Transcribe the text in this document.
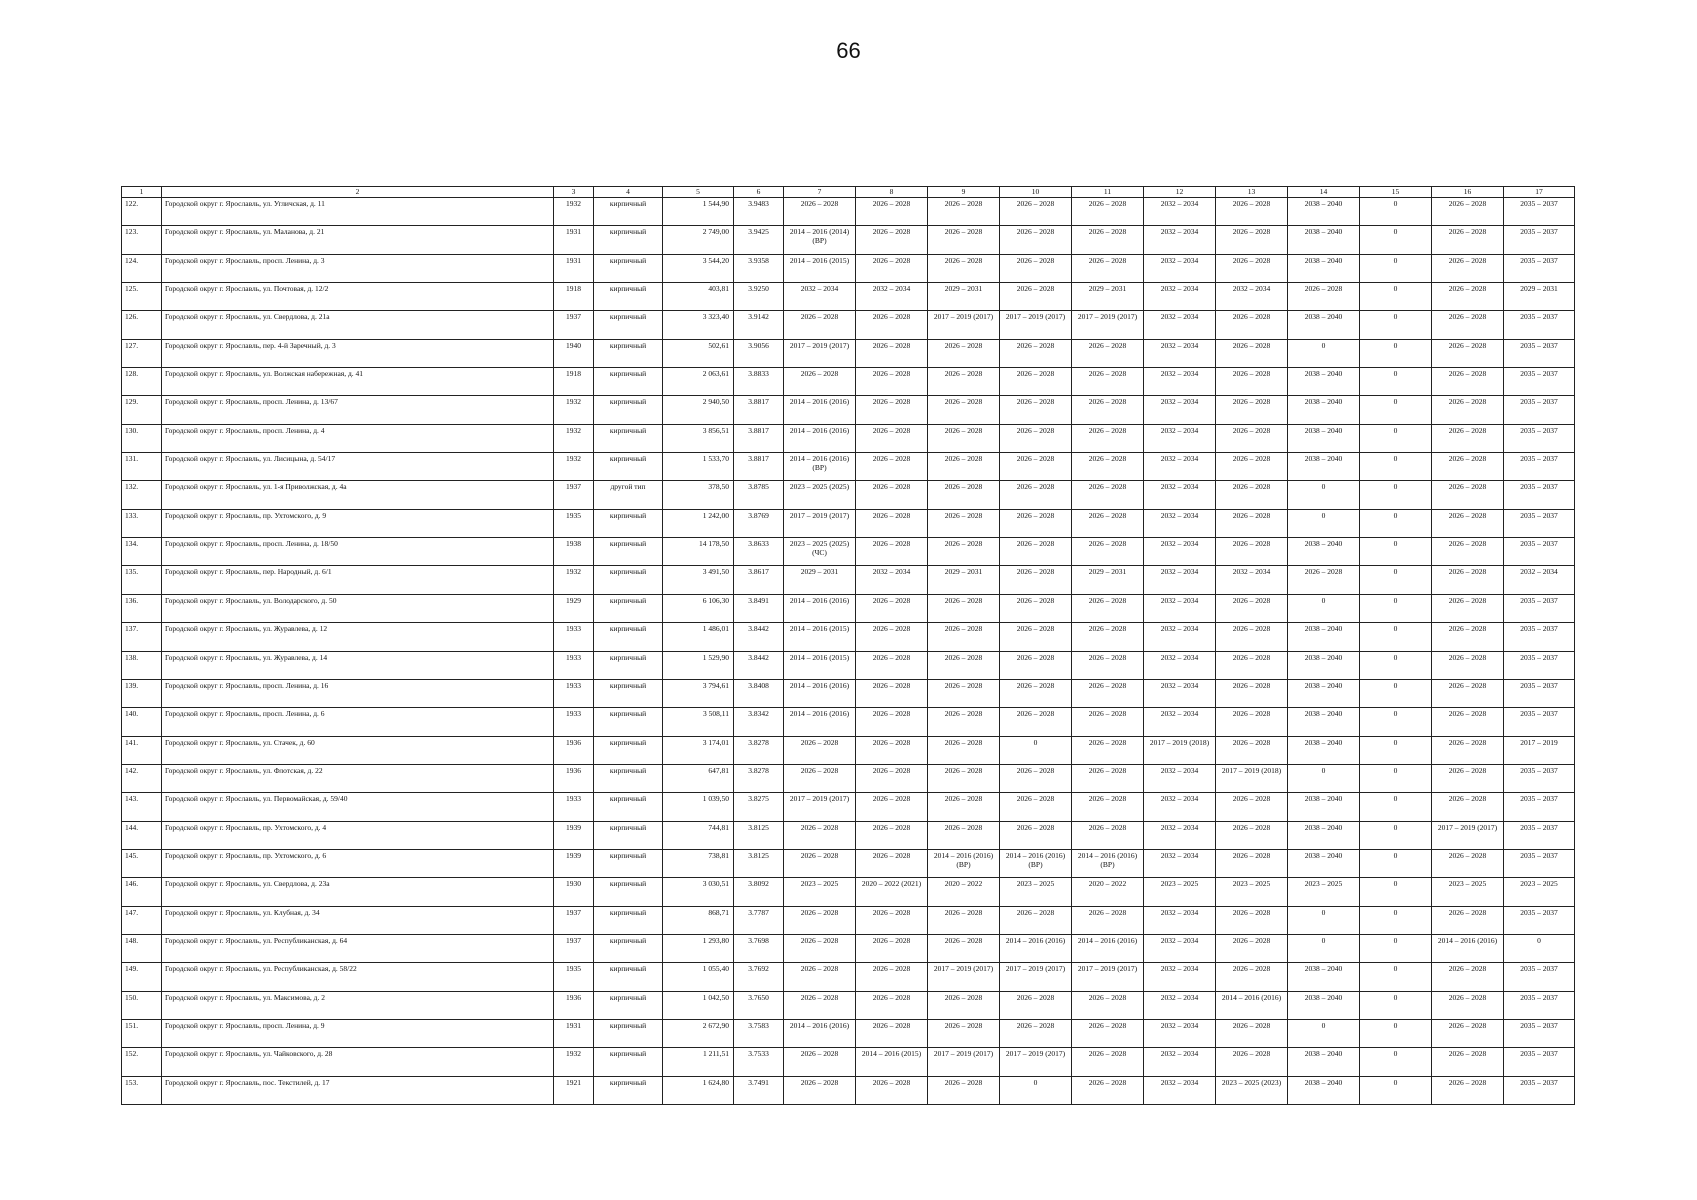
66
1	2	3	4	5	6	7	8	9	10	11	12	13	14	15	16	17
122.	Городской округ г. Ярославль, ул. Угличская, д. 11	1932	кирпичный	1 544,90	3.9483	2026 – 2028	2026 – 2028	2026 – 2028	2026 – 2028	2026 – 2028	2032 – 2034	2026 – 2028	2038 – 2040	0	2026 – 2028	2035 – 2037
123.	Городской округ г. Ярославль, ул. Маланова, д. 21	1931	кирпичный	2 749,00	3.9425	2014 – 2016 (2014) (ВР)	2026 – 2028	2026 – 2028	2026 – 2028	2026 – 2028	2032 – 2034	2026 – 2028	2038 – 2040	0	2026 – 2028	2035 – 2037
124.	Городской округ г. Ярославль, просп. Ленина, д. 3	1931	кирпичный	3 544,20	3.9358	2014 – 2016 (2015)	2026 – 2028	2026 – 2028	2026 – 2028	2026 – 2028	2032 – 2034	2026 – 2028	2038 – 2040	0	2026 – 2028	2035 – 2037
125.	Городской округ г. Ярославль, ул. Почтовая, д. 12/2	1918	кирпичный	403,81	3.9250	2032 – 2034	2032 – 2034	2029 – 2031	2026 – 2028	2029 – 2031	2032 – 2034	2032 – 2034	2026 – 2028	0	2026 – 2028	2029 – 2031
126.	Городской округ г. Ярославль, ул. Свердлова, д. 21а	1937	кирпичный	3 323,40	3.9142	2026 – 2028	2026 – 2028	2017 – 2019 (2017)	2017 – 2019 (2017)	2017 – 2019 (2017)	2032 – 2034	2026 – 2028	2038 – 2040	0	2026 – 2028	2035 – 2037
127.	Городской округ г. Ярославль, пер. 4-й Заречный, д. 3	1940	кирпичный	502,61	3.9056	2017 – 2019 (2017)	2026 – 2028	2026 – 2028	2026 – 2028	2026 – 2028	2032 – 2034	2026 – 2028	0	0	2026 – 2028	2035 – 2037
128.	Городской округ г. Ярославль, ул. Волжская набережная, д. 41	1918	кирпичный	2 063,61	3.8833	2026 – 2028	2026 – 2028	2026 – 2028	2026 – 2028	2026 – 2028	2032 – 2034	2026 – 2028	2038 – 2040	0	2026 – 2028	2035 – 2037
129.	Городской округ г. Ярославль, просп. Ленина, д. 13/67	1932	кирпичный	2 940,50	3.8817	2014 – 2016 (2016)	2026 – 2028	2026 – 2028	2026 – 2028	2026 – 2028	2032 – 2034	2026 – 2028	2038 – 2040	0	2026 – 2028	2035 – 2037
130.	Городской округ г. Ярославль, просп. Ленина, д. 4	1932	кирпичный	3 856,51	3.8817	2014 – 2016 (2016)	2026 – 2028	2026 – 2028	2026 – 2028	2026 – 2028	2032 – 2034	2026 – 2028	2038 – 2040	0	2026 – 2028	2035 – 2037
131.	Городской округ г. Ярославль, ул. Лисицына, д. 54/17	1932	кирпичный	1 533,70	3.8817	2014 – 2016 (2016) (ВР)	2026 – 2028	2026 – 2028	2026 – 2028	2026 – 2028	2032 – 2034	2026 – 2028	2038 – 2040	0	2026 – 2028	2035 – 2037
132.	Городской округ г. Ярославль, ул. 1-я Приволжская, д. 4а	1937	другой тип	378,50	3.8785	2023 – 2025 (2025)	2026 – 2028	2026 – 2028	2026 – 2028	2026 – 2028	2032 – 2034	2026 – 2028	0	0	2026 – 2028	2035 – 2037
133.	Городской округ г. Ярославль, пр. Ухтомского, д. 9	1935	кирпичный	1 242,00	3.8769	2017 – 2019 (2017)	2026 – 2028	2026 – 2028	2026 – 2028	2026 – 2028	2032 – 2034	2026 – 2028	0	0	2026 – 2028	2035 – 2037
134.	Городской округ г. Ярославль, просп. Ленина, д. 18/50	1938	кирпичный	14 178,50	3.8633	2023 – 2025 (2025) (ЧС)	2026 – 2028	2026 – 2028	2026 – 2028	2026 – 2028	2032 – 2034	2026 – 2028	2038 – 2040	0	2026 – 2028	2035 – 2037
135.	Городской округ г. Ярославль, пер. Народный, д. 6/1	1932	кирпичный	3 491,50	3.8617	2029 – 2031	2032 – 2034	2029 – 2031	2026 – 2028	2029 – 2031	2032 – 2034	2032 – 2034	2026 – 2028	0	2026 – 2028	2032 – 2034
136.	Городской округ г. Ярославль, ул. Володарского, д. 50	1929	кирпичный	6 106,30	3.8491	2014 – 2016 (2016)	2026 – 2028	2026 – 2028	2026 – 2028	2026 – 2028	2032 – 2034	2026 – 2028	0	0	2026 – 2028	2035 – 2037
137.	Городской округ г. Ярославль, ул. Журавлева, д. 12	1933	кирпичный	1 486,01	3.8442	2014 – 2016 (2015)	2026 – 2028	2026 – 2028	2026 – 2028	2026 – 2028	2032 – 2034	2026 – 2028	2038 – 2040	0	2026 – 2028	2035 – 2037
138.	Городской округ г. Ярославль, ул. Журавлева, д. 14	1933	кирпичный	1 529,90	3.8442	2014 – 2016 (2015)	2026 – 2028	2026 – 2028	2026 – 2028	2026 – 2028	2032 – 2034	2026 – 2028	2038 – 2040	0	2026 – 2028	2035 – 2037
139.	Городской округ г. Ярославль, просп. Ленина, д. 16	1933	кирпичный	3 794,61	3.8408	2014 – 2016 (2016)	2026 – 2028	2026 – 2028	2026 – 2028	2026 – 2028	2032 – 2034	2026 – 2028	2038 – 2040	0	2026 – 2028	2035 – 2037
140.	Городской округ г. Ярославль, просп. Ленина, д. 6	1933	кирпичный	3 508,11	3.8342	2014 – 2016 (2016)	2026 – 2028	2026 – 2028	2026 – 2028	2026 – 2028	2032 – 2034	2026 – 2028	2038 – 2040	0	2026 – 2028	2035 – 2037
141.	Городской округ г. Ярославль, ул. Стачек, д. 60	1936	кирпичный	3 174,01	3.8278	2026 – 2028	2026 – 2028	2026 – 2028	0	2026 – 2028	2017 – 2019 (2018)	2026 – 2028	2038 – 2040	0	2026 – 2028	2017 – 2019
142.	Городской округ г. Ярославль, ул. Флотская, д. 22	1936	кирпичный	647,81	3.8278	2026 – 2028	2026 – 2028	2026 – 2028	2026 – 2028	2026 – 2028	2032 – 2034	2017 – 2019 (2018)	0	0	2026 – 2028	2035 – 2037
143.	Городской округ г. Ярославль, ул. Первомайская, д. 59/40	1933	кирпичный	1 039,50	3.8275	2017 – 2019 (2017)	2026 – 2028	2026 – 2028	2026 – 2028	2026 – 2028	2032 – 2034	2026 – 2028	2038 – 2040	0	2026 – 2028	2035 – 2037
144.	Городской округ г. Ярославль, пр. Ухтомского, д. 4	1939	кирпичный	744,81	3.8125	2026 – 2028	2026 – 2028	2026 – 2028	2026 – 2028	2026 – 2028	2032 – 2034	2026 – 2028	2038 – 2040	0	2017 – 2019 (2017)	2035 – 2037
145.	Городской округ г. Ярославль, пр. Ухтомского, д. 6	1939	кирпичный	738,81	3.8125	2026 – 2028	2026 – 2028	2014 – 2016 (2016) (ВР)	2014 – 2016 (2016) (ВР)	2014 – 2016 (2016) (ВР)	2032 – 2034	2026 – 2028	2038 – 2040	0	2026 – 2028	2035 – 2037
146.	Городской округ г. Ярославль, ул. Свердлова, д. 23а	1930	кирпичный	3 030,51	3.8092	2023 – 2025	2020 – 2022 (2021)	2020 – 2022	2023 – 2025	2020 – 2022	2023 – 2025	2023 – 2025	2023 – 2025	0	2023 – 2025	2023 – 2025
147.	Городской округ г. Ярославль, ул. Клубная, д. 34	1937	кирпичный	868,71	3.7787	2026 – 2028	2026 – 2028	2026 – 2028	2026 – 2028	2026 – 2028	2032 – 2034	2026 – 2028	0	0	2026 – 2028	2035 – 2037
148.	Городской округ г. Ярославль, ул. Республиканская, д. 64	1937	кирпичный	1 293,80	3.7698	2026 – 2028	2026 – 2028	2026 – 2028	2014 – 2016 (2016)	2014 – 2016 (2016)	2032 – 2034	2026 – 2028	0	0	2014 – 2016 (2016)	0
149.	Городской округ г. Ярославль, ул. Республиканская, д. 58/22	1935	кирпичный	1 055,40	3.7692	2026 – 2028	2026 – 2028	2017 – 2019 (2017)	2017 – 2019 (2017)	2017 – 2019 (2017)	2032 – 2034	2026 – 2028	2038 – 2040	0	2026 – 2028	2035 – 2037
150.	Городской округ г. Ярославль, ул. Максимова, д. 2	1936	кирпичный	1 042,50	3.7650	2026 – 2028	2026 – 2028	2026 – 2028	2026 – 2028	2026 – 2028	2032 – 2034	2014 – 2016 (2016)	2038 – 2040	0	2026 – 2028	2035 – 2037
151.	Городской округ г. Ярославль, просп. Ленина, д. 9	1931	кирпичный	2 672,90	3.7583	2014 – 2016 (2016)	2026 – 2028	2026 – 2028	2026 – 2028	2026 – 2028	2032 – 2034	2026 – 2028	0	0	2026 – 2028	2035 – 2037
152.	Городской округ г. Ярославль, ул. Чайковского, д. 28	1932	кирпичный	1 211,51	3.7533	2026 – 2028	2014 – 2016 (2015)	2017 – 2019 (2017)	2017 – 2019 (2017)	2026 – 2028	2032 – 2034	2026 – 2028	2038 – 2040	0	2026 – 2028	2035 – 2037
153.	Городской округ г. Ярославль, пос. Текстилей, д. 17	1921	кирпичный	1 624,80	3.7491	2026 – 2028	2026 – 2028	2026 – 2028	0	2026 – 2028	2032 – 2034	2023 – 2025 (2023)	2038 – 2040	0	2026 – 2028	2035 – 2037
